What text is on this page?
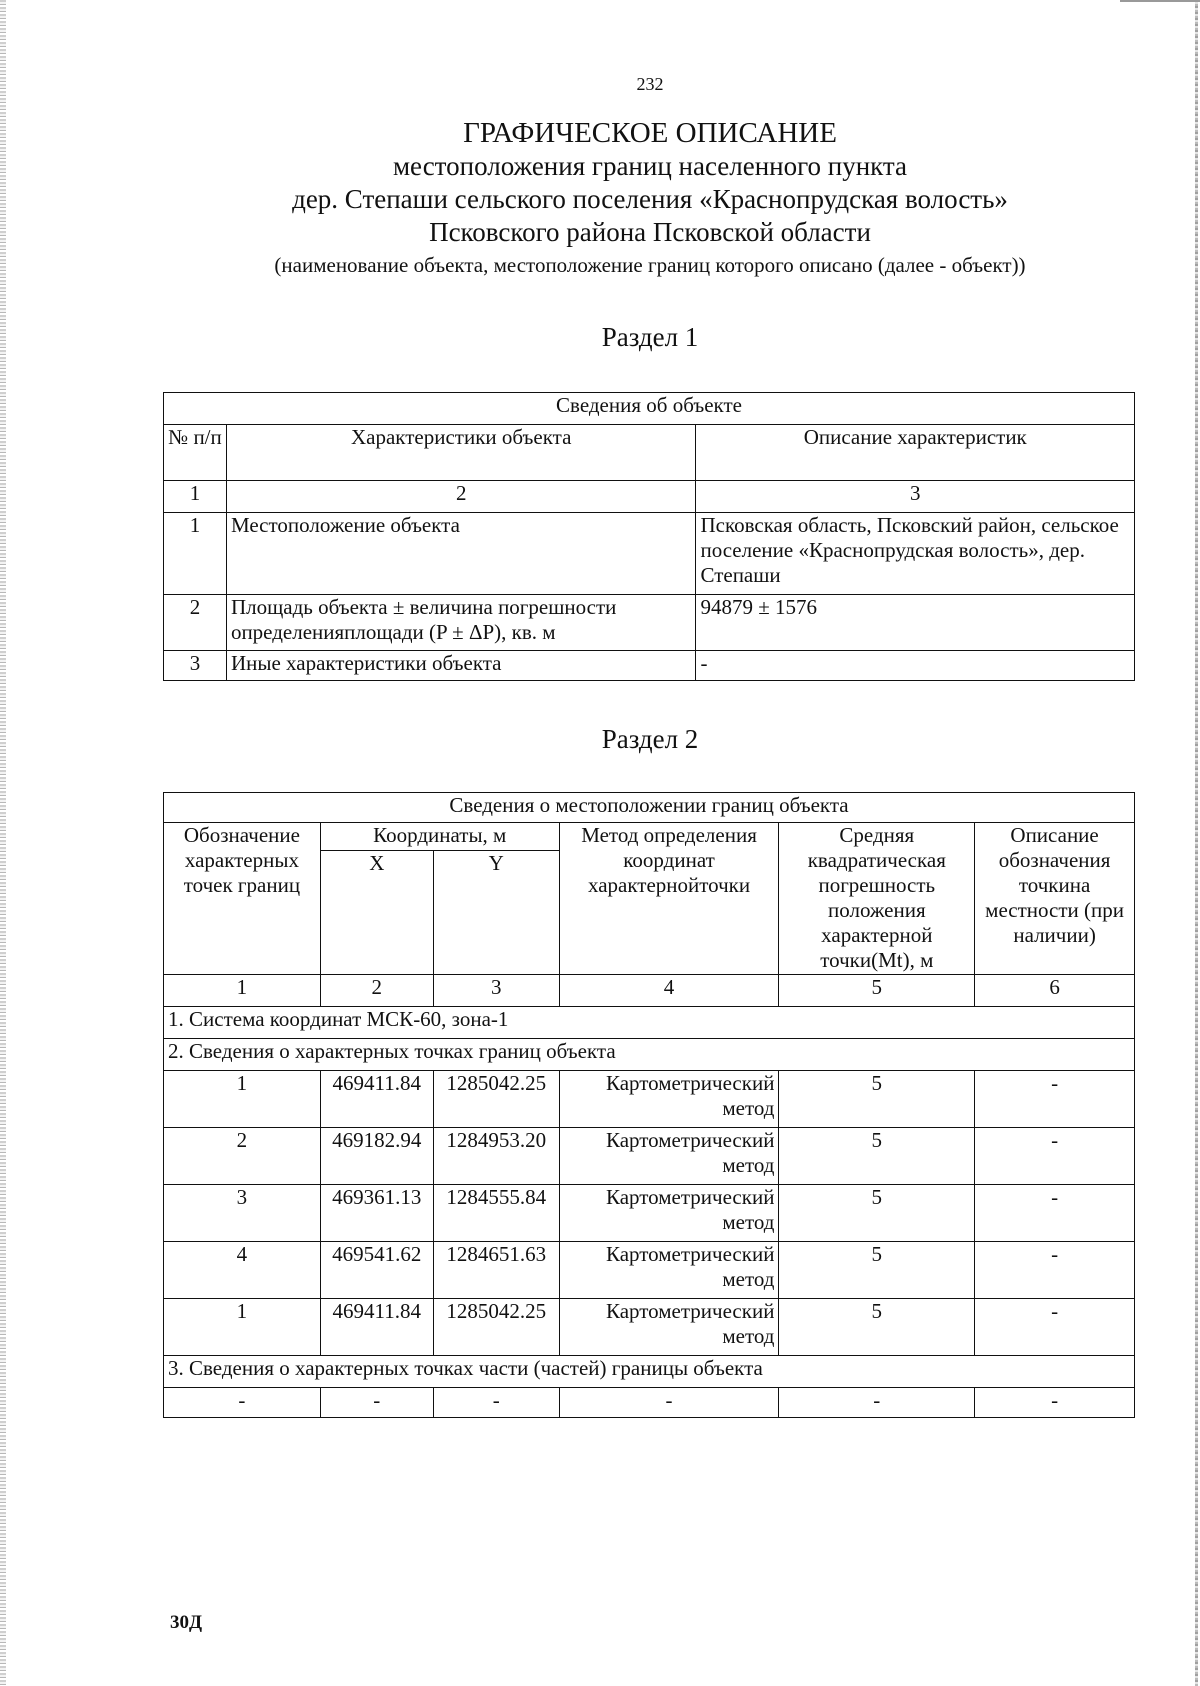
232
ГРАФИЧЕСКОЕ ОПИСАНИЕ
местоположения границ населенного пункта
дер. Степаши сельского поселения «Краснопрудская волость»
Псковского района Псковской области
(наименование объекта, местоположение границ которого описано (далее - объект))
Раздел 1
Сведения об объекте		
№ п/п	Характеристики объекта	Описание характеристик
1	2	3
1	Местоположение объекта	Псковская область, Псковский район, сельское поселение «Краснопрудская волость», дер. Степаши
2	Площадь объекта ± величина погрешности определенияплощади (P ± ΔP), кв. м	94879 ± 1576
3	Иные характеристики объекта	-
Раздел 2
Сведения о местоположении границ объекта					
Обозначение характерных точек границ	Координаты, м		Метод определения координат характернойточки	Средняя квадратическая погрешность положения характерной точки(Mt), м	Описание обозначения точкина местности (при наличии)
	X	Y			
1	2	3	4	5	6
1. Система координат МСК-60, зона-1					
2. Сведения о характерных точках границ объекта					
1	469411.84	1285042.25	Картометрический метод	5	-
2	469182.94	1284953.20	Картометрический метод	5	-
3	469361.13	1284555.84	Картометрический метод	5	-
4	469541.62	1284651.63	Картометрический метод	5	-
1	469411.84	1285042.25	Картометрический метод	5	-
3. Сведения о характерных точках части (частей) границы объекта					
-	-	-	-	-	-
30Д
